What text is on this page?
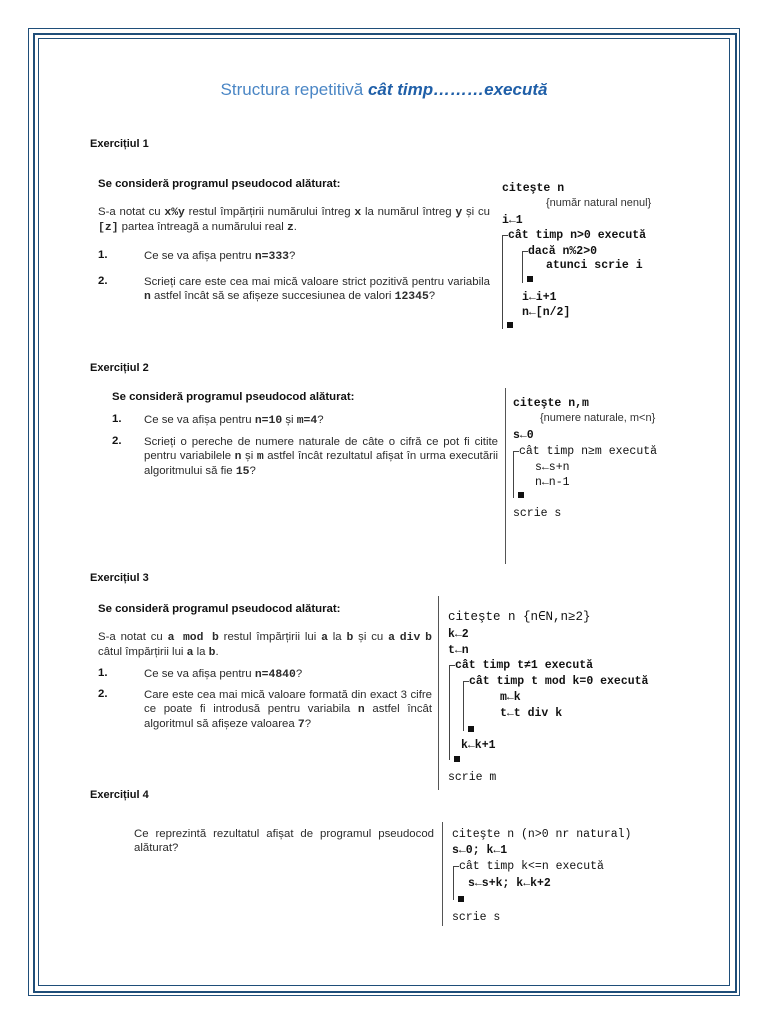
Structura repetitivă cât timp………execută
Exercițiul 1
Se consideră programul pseudocod alăturat:
S-a notat cu x%y restul împărțirii numărului întreg x la numărul întreg y și cu [z] partea întreagă a numărului real z.
1.	Ce se va afișa pentru n=333?
2.	Scrieți care este cea mai mică valoare strict pozitivă pentru variabila n astfel încât să se afișeze succesiunea de valori 12345?
citeşte n
{număr natural nenul}
i←1
cât timp n>0 execută
dacă n%2>0
atunci scrie i
i←i+1
n←[n/2]
Exercițiul 2
Se consideră programul pseudocod alăturat:
1. Ce se va afișa pentru n=10 și m=4?
2. Scrieți o pereche de numere naturale de câte o cifră ce pot fi citite pentru variabilele n și m astfel încât rezultatul afișat în urma executării algoritmului să fie 15?
citeşte n,m
{numere naturale, m<n}
s←0
cât timp n≥m execută
s←s+n
n←n-1
scrie s
Exercițiul 3
Se consideră programul pseudocod alăturat:
S-a notat cu a mod b restul împărțirii lui a la b și cu a div b câtul împărțirii lui a la b.
1.	Ce se va afișa pentru n=4840?
2.	Care este cea mai mică valoare formată din exact 3 cifre ce poate fi introdusă pentru variabila n astfel încât algoritmul să afișeze valoarea 7?
citeşte n {n∈N,n≥2}
k←2
t←n
cât timp t≠1 execută
cât timp t mod k=0 execută
m←k
t←t div k
k←k+1
scrie m
Exercițiul 4
Ce reprezintă rezultatul afișat de programul pseudocod alăturat?
citeşte n (n>0 nr natural)
s←0; k←1
cât timp k<=n execută
s←s+k; k←k+2
scrie s
